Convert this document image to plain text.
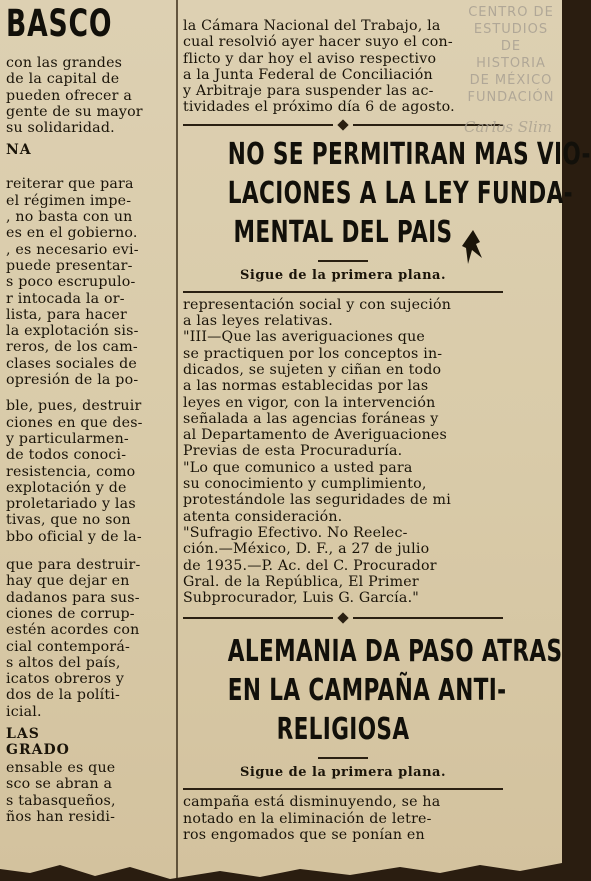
BASCO
con las grandes
de la capital de
pueden ofrecer a
gente de su mayor
su solidaridad.
NA
reiterar que para
el régimen impe-
, no basta con un
es en el gobierno.
, es necesario evi-
puede presentar-
s poco escrupulo-
r intocada la or-
lista, para hacer
la explotación sis-
reros, de los cam-
clases sociales de
opresión de la po-
ble, pues, destruir
ciones en que des-
y particularmen-
de todos conoci-
resistencia, como
explotación y de
proletariado y las
tivas, que no son
bbo oficial y de la-
que para destruir-
hay que dejar en
dadanos para sus-
ciones de corrup-
estén acordes con
cial contemporá-
s altos del país,
icatos obreros y
dos de la políti-
icial.
LAS
GRADO
ensable es que
sco se abran a
s tabasqueños,
ños han residi-
la Cámara Nacional del Trabajo, la
cual resolvió ayer hacer suyo el con-
flicto y dar hoy el aviso respectivo
a la Junta Federal de Conciliación
y Arbitraje para suspender las ac-
tividades el próximo día 6 de agosto.
NO SE PERMITIRAN MAS VIO-
LACIONES A LA LEY FUNDA-
MENTAL DEL PAIS
Sigue de la primera plana.
representación social y con sujeción
a las leyes relativas.
"III—Que las averiguaciones que
se practiquen por los conceptos in-
dicados, se sujeten y ciñan en todo
a las normas establecidas por las
leyes en vigor, con la intervención
señalada a las agencias foráneas y
al Departamento de Averiguaciones
Previas de esta Procuraduría.
"Lo que comunico a usted para
su conocimiento y cumplimiento,
protestándole las seguridades de mi
atenta consideración.
"Sufragio Efectivo. No Reelec-
ción.—México, D. F., a 27 de julio
de 1935.—P. Ac. del C. Procurador
Gral. de la República, El Primer
Subprocurador, Luis G. García."
ALEMANIA DA PASO ATRAS
EN LA CAMPAÑA ANTI-
RELIGIOSA
Sigue de la primera plana.
campaña está disminuyendo, se ha
notado en la eliminación de letre-
ros engomados que se ponían en
CENTRO DE
ESTUDIOS
DE HISTORIA
DE MÉXICO
FUNDACIÓN
Carlos Slim
